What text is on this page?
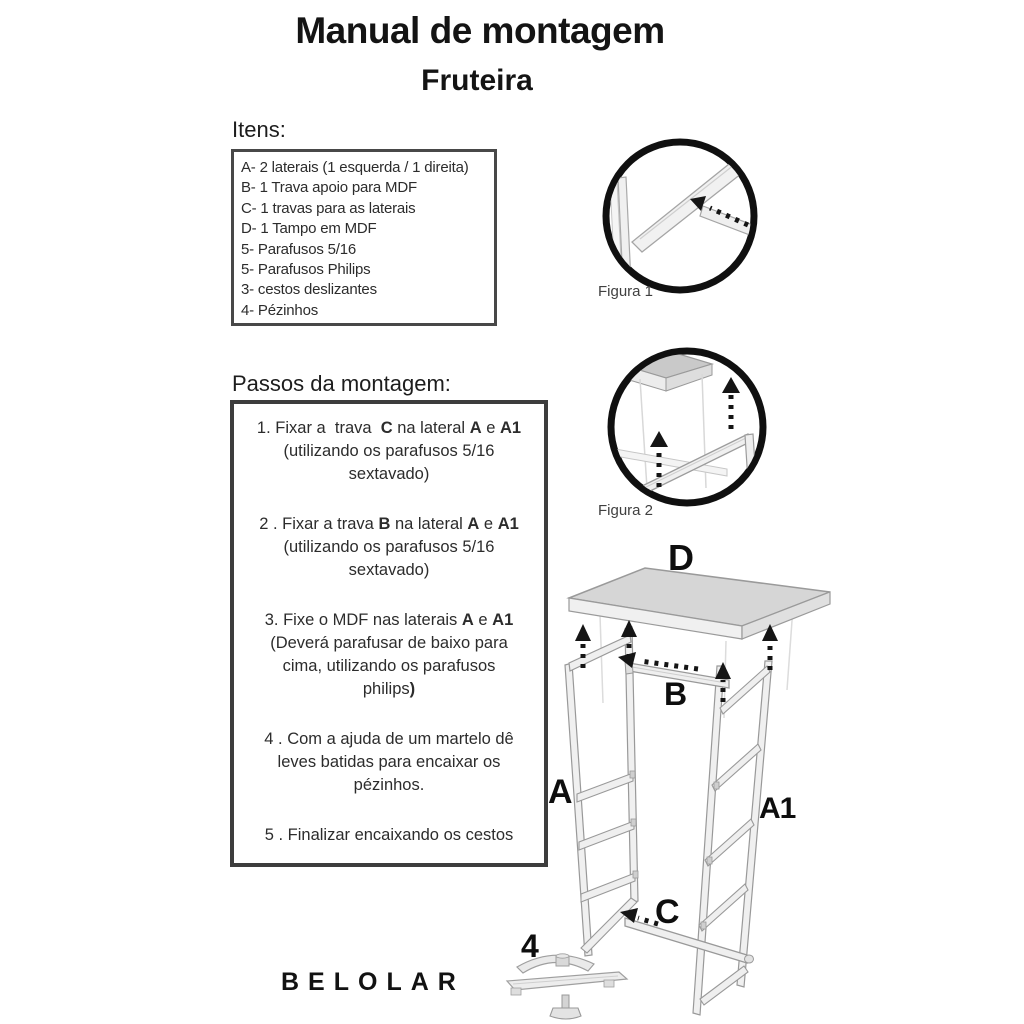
Manual de montagem
Fruteira
Itens:
A- 2 laterais (1 esquerda / 1 direita)
B- 1 Trava apoio para MDF
C- 1 travas para as laterais
D- 1 Tampo em MDF
5- Parafusos 5/16
5- Parafusos Philips
3- cestos deslizantes
4- Pézinhos
Passos da montagem:
1. Fixar a  trava  C na lateral A e A1
(utilizando os parafusos 5/16
sextavado)
2 . Fixar a trava B na lateral A e A1
(utilizando os parafusos 5/16
sextavado)
3. Fixe o MDF nas laterais A e A1
(Deverá parafusar de baixo para
cima, utilizando os parafusos
philips)
4 . Com a ajuda de um martelo dê
leves batidas para encaixar os
pézinhos.
5 . Finalizar encaixando os cestos
Figura 1
Figura 2
D
B
A	A1
C
4
BELOLAR
